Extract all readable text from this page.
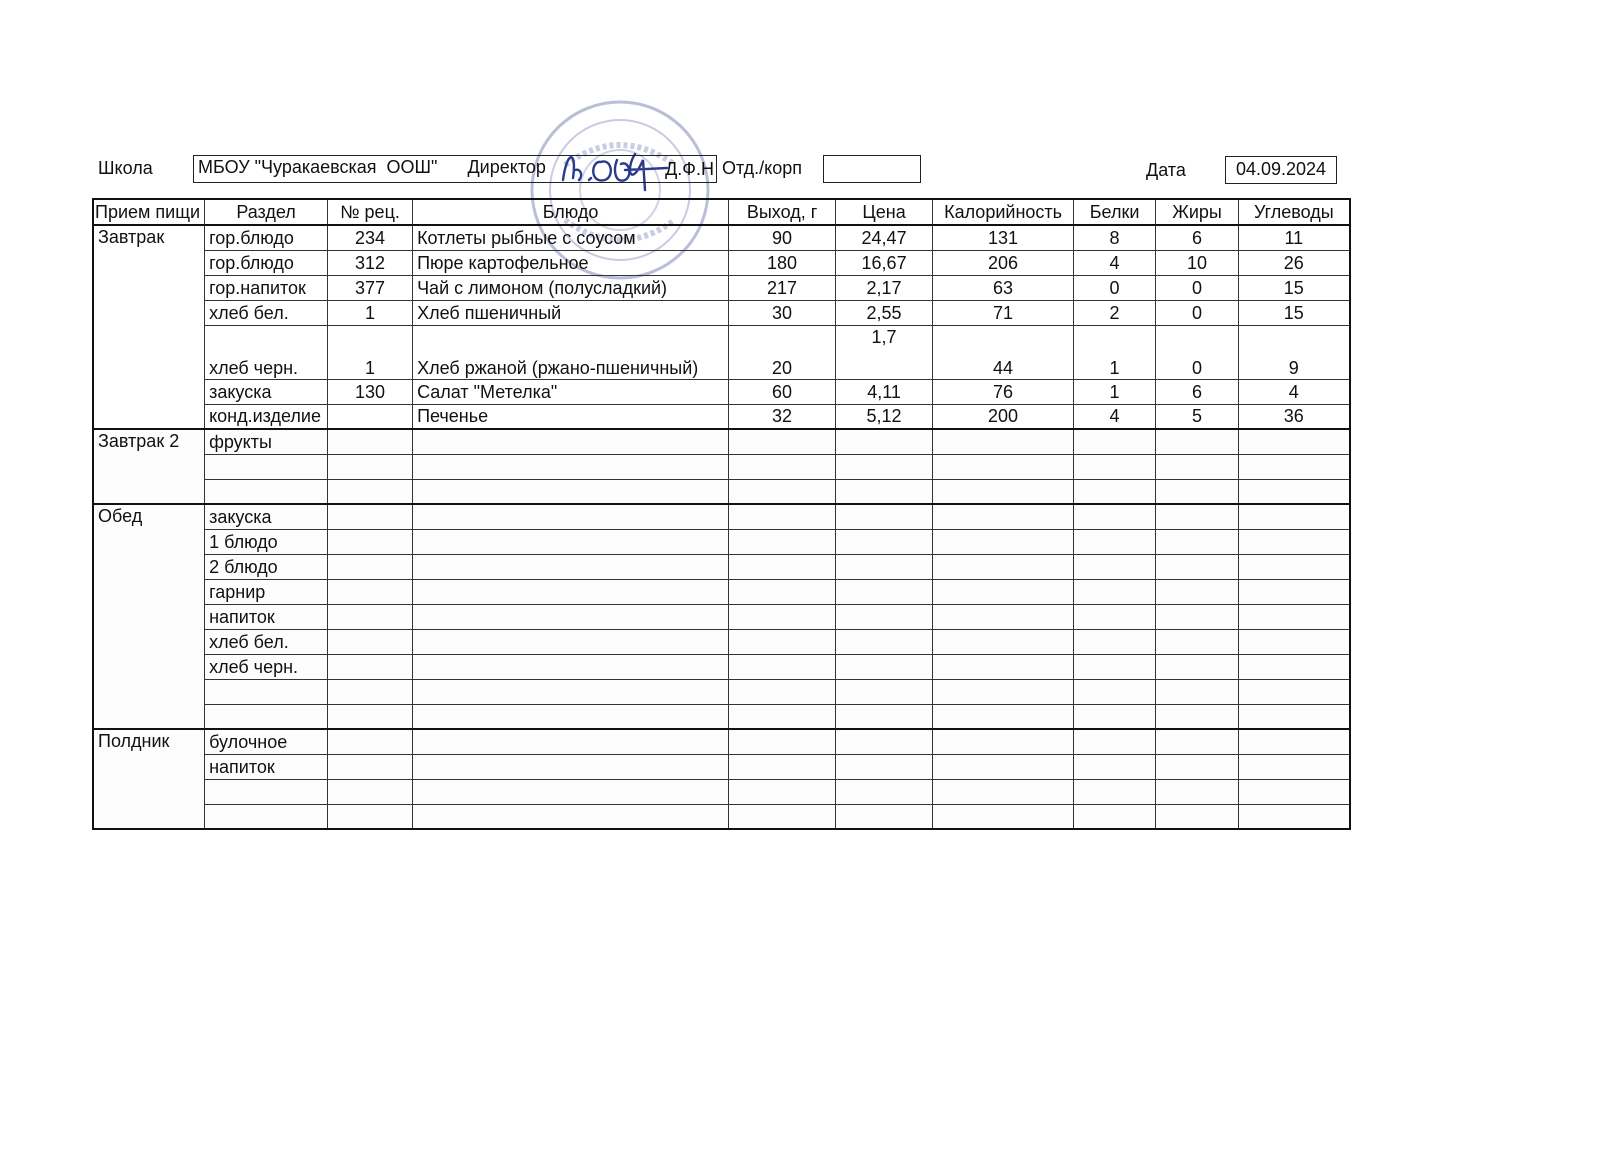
Школа	МБОУ "Чуракаевская  ООШ" Директор	Д.Ф.Н Отд./корп	Дата	04.09.2024
Прием пищи	Раздел	№ рец.	Блюдо	Выход, г	Цена	Калорийность	Белки	Жиры	Углеводы
Завтрак	гор.блюдо	234	Котлеты рыбные с соусом	90	24,47	131	8	6	11
	гор.блюдо	312	Пюре картофельное	180	16,67	206	4	10	26
	гор.напиток	377	Чай с лимоном (полусладкий)	217	2,17	63	0	0	15
	хлеб бел.	1	Хлеб пшеничный	30	2,55	71	2	0	15
	хлеб черн.	1	Хлеб ржаной (ржано-пшеничный)	20	1,7	44	1	0	9
	закуска	130	Салат "Метелка"	60	4,11	76	1	6	4
	конд.изделие		Печенье	32	5,12	200	4	5	36
Завтрак 2	фрукты								

Обед	закуска								
	1 блюдо								
	2 блюдо								
	гарнир								
	напиток								
	хлеб бел.								
	хлеб черн.								

Полдник	булочное								
	напиток								
